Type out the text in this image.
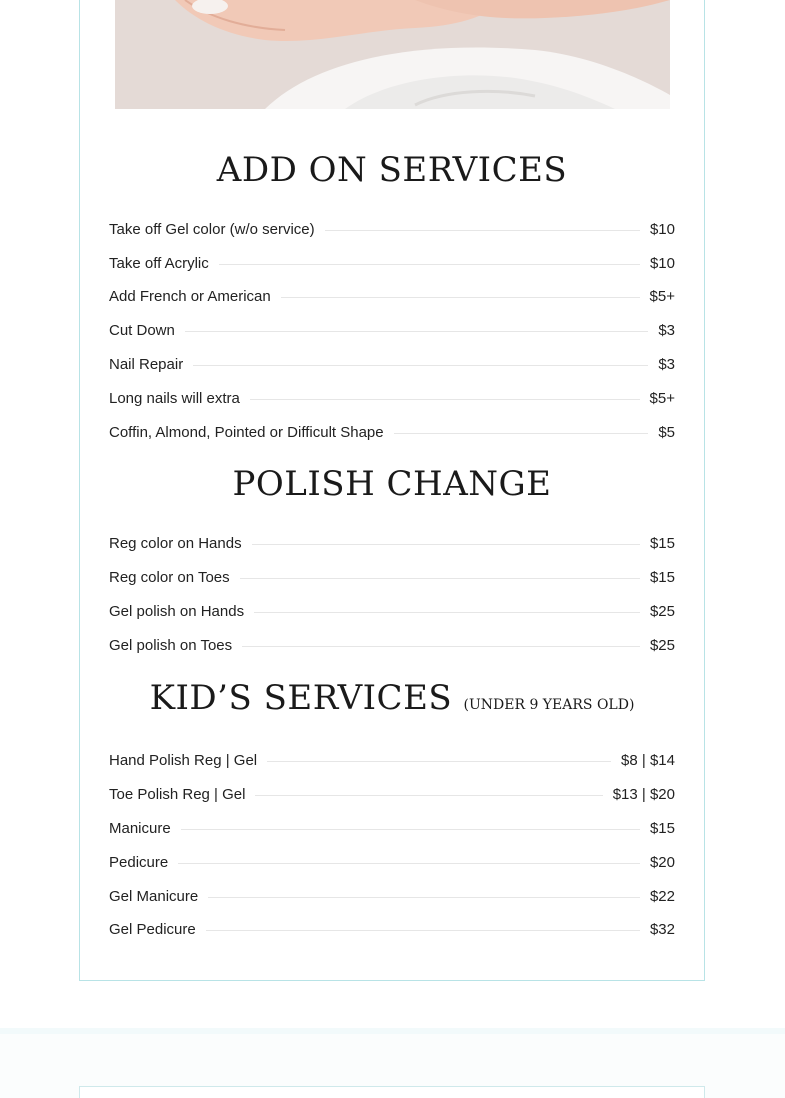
ADD ON SERVICES
Take off Gel color (w/o service)	$10
Take off Acrylic	$10
Add French or American	$5+
Cut Down	$3
Nail Repair	$3
Long nails will extra	$5+
Coffin, Almond, Pointed or Difficult Shape	$5
POLISH CHANGE
Reg color on Hands	$15
Reg color on Toes	$15
Gel polish on Hands	$25
Gel polish on Toes	$25
KID’S SERVICES (UNDER 9 YEARS OLD)
Hand Polish Reg | Gel	$8 | $14
Toe Polish Reg | Gel	$13 | $20
Manicure	$15
Pedicure	$20
Gel Manicure	$22
Gel Pedicure	$32
